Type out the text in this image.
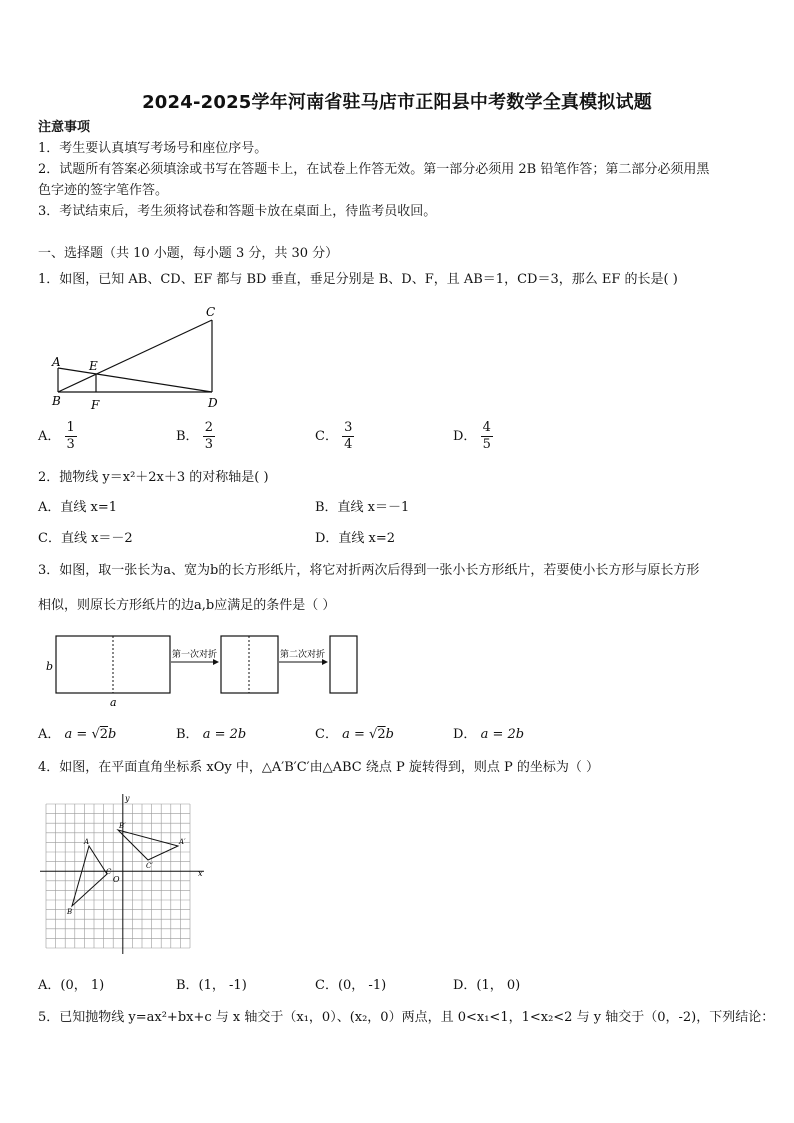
2024-2025学年河南省驻马店市正阳县中考数学全真模拟试题
注意事项
1．考生要认真填写考场号和座位序号。
2．试题所有答案必须填涂或书写在答题卡上，在试卷上作答无效。第一部分必须用 2B 铅笔作答；第二部分必须用黑
色字迹的签字笔作答。
3．考试结束后，考生须将试卷和答题卡放在桌面上，待监考员收回。
一、选择题（共 10 小题，每小题 3 分，共 30 分）
1．如图，已知 AB、CD、EF 都与 BD 垂直，垂足分别是 B、D、F，且 AB＝1，CD＝3，那么 EF 的长是( )
A
B
C
D
E
F
A． $\frac{1}{3}$	B． $\frac{2}{3}$	C． $\frac{3}{4}$	D． $\frac{4}{5}$
2．抛物线 y＝x²＋2x＋3 的对称轴是( )
A．直线 x=1	B．直线 x＝－1
C．直线 x＝－2	D．直线 x=2
3．如图，取一张长为a、宽为b的长方形纸片，将它对折两次后得到一张小长方形纸片，若要使小长方形与原长方形
相似，则原长方形纸片的边a,b应满足的条件是（ ）
b
a
第一次对折	第二次对折
A． a = √2b	B． a = 2b	C． a = √2b	D． a = 2b
4．如图，在平面直角坐标系 xOy 中，△A′B′C′由△ABC 绕点 P 旋转得到，则点 P 的坐标为（ ）
y
x
O
A
B
C
A′
B′
C′
A．(0， 1)	B．(1， -1)	C．(0， -1)	D．(1， 0)
5．已知抛物线 y=ax²+bx+c 与 x 轴交于（x₁，0）、(x₂，0）两点，且 0<x₁<1，1<x₂<2 与 y 轴交于（0，-2)，下列结论：
